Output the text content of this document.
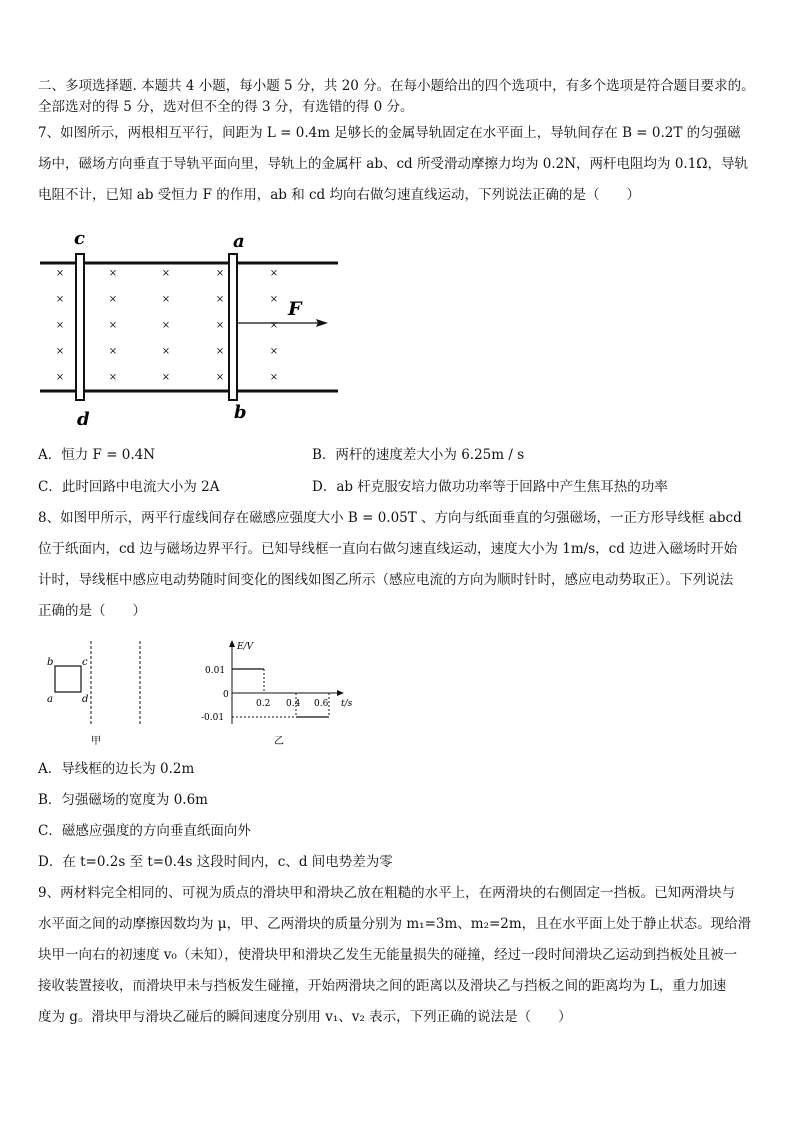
二、多项选择题. 本题共 4 小题，每小题 5 分，共 20 分。在每小题给出的四个选项中，有多个选项是符合题目要求的。
全部选对的得 5 分，选对但不全的得 3 分，有选错的得 0 分。
7、如图所示，两根相互平行，间距为 L = 0.4m 足够长的金属导轨固定在水平面上，导轨间存在 B = 0.2T 的匀强磁
场中，磁场方向垂直于导轨平面向里，导轨上的金属杆 ab、cd 所受滑动摩擦力均为 0.2N，两杆电阻均为 0.1Ω，导轨
电阻不计，已知 ab 受恒力 F 的作用，ab 和 cd 均向右做匀速直线运动，下列说法正确的是（　　）
c
d
a
b
F
×
×
×
×
×
×
×
×
×
×
×
×
×
×
×
×
×
×
×
×
×
×
×
×
×
A．恒力 F = 0.4N	B．两杆的速度差大小为 6.25m / s
C．此时回路中电流大小为 2A	D．ab 杆克服安培力做功功率等于回路中产生焦耳热的功率
8、如图甲所示，两平行虚线间存在磁感应强度大小 B = 0.05T 、方向与纸面垂直的匀强磁场，一正方形导线框 abcd
位于纸面内，cd 边与磁场边界平行。已知导线框一直向右做匀速直线运动，速度大小为 1m/s，cd 边进入磁场时开始
计时，导线框中感应电动势随时间变化的图线如图乙所示（感应电流的方向为顺时针时，感应电动势取正）。下列说法
正确的是（　　）
b	c
a	d
甲
E/V
t/s
0
0.01
-0.01
0.2 0.4 0.6
乙
A．导线框的边长为 0.2m
B．匀强磁场的宽度为 0.6m
C．磁感应强度的方向垂直纸面向外
D．在 t=0.2s 至 t=0.4s 这段时间内，c、d 间电势差为零
9、两材料完全相同的、可视为质点的滑块甲和滑块乙放在粗糙的水平上，在两滑块的右侧固定一挡板。已知两滑块与
水平面之间的动摩擦因数均为 μ，甲、乙两滑块的质量分别为 m₁=3m、m₂=2m，且在水平面上处于静止状态。现给滑
块甲一向右的初速度 v₀（未知），使滑块甲和滑块乙发生无能量损失的碰撞，经过一段时间滑块乙运动到挡板处且被一
接收装置接收，而滑块甲未与挡板发生碰撞，开始两滑块之间的距离以及滑块乙与挡板之间的距离均为 L，重力加速
度为 g。滑块甲与滑块乙碰后的瞬间速度分别用 v₁、v₂ 表示，下列正确的说法是（　　）
